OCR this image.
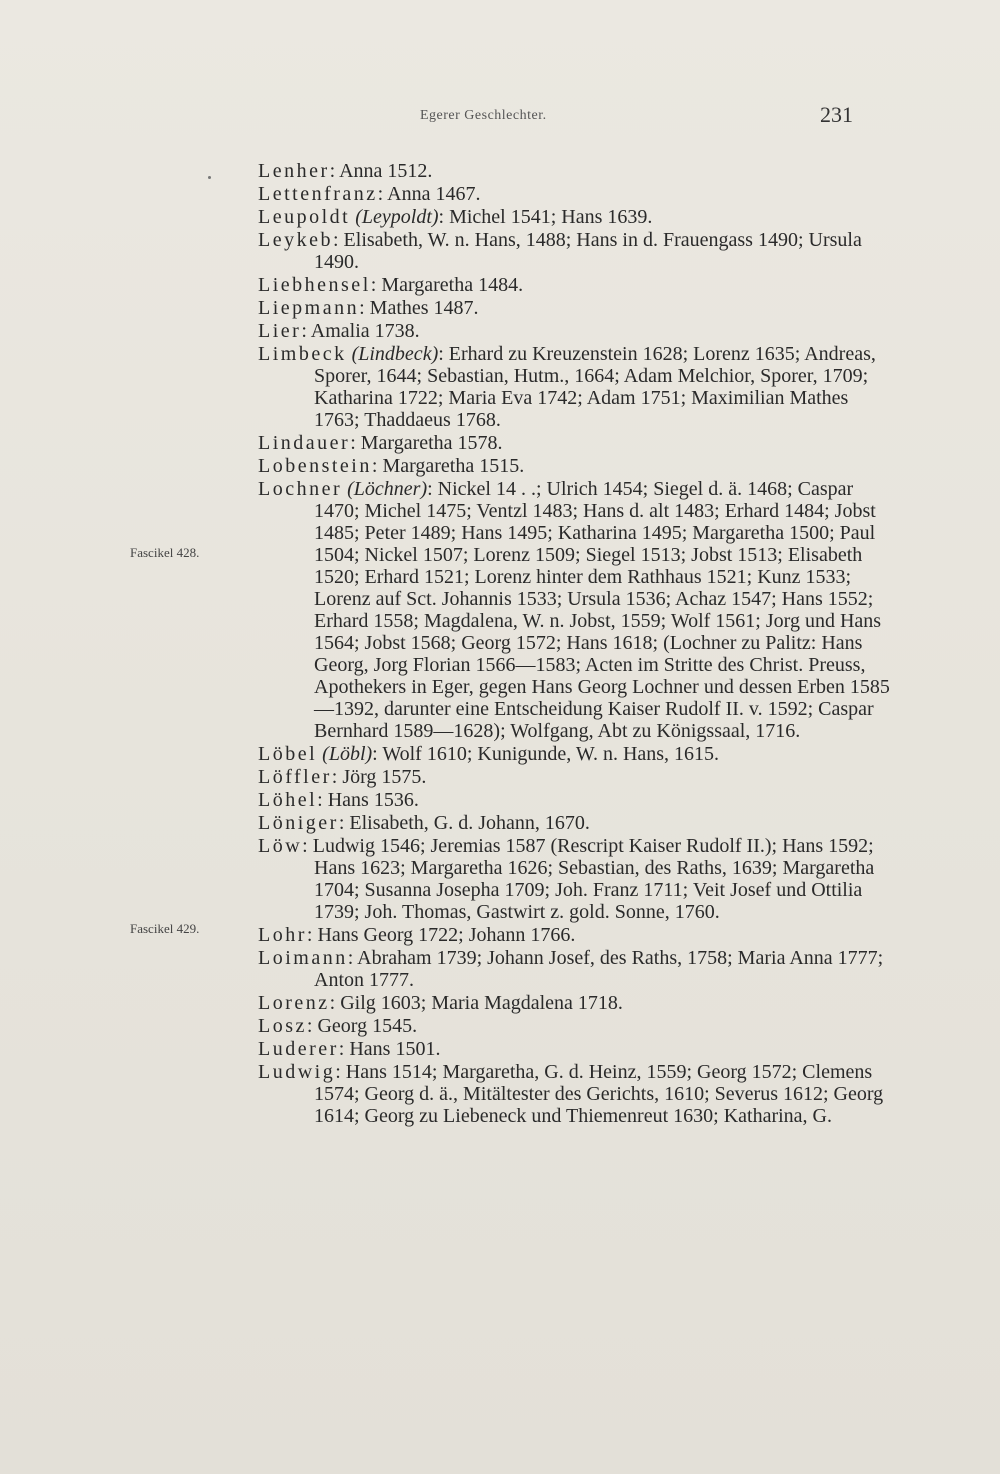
Egerer Geschlechter.	231
Fascikel 428.
Fascikel 429.
Lenher: Anna 1512.
Lettenfranz: Anna 1467.
Leupoldt (Leypoldt): Michel 1541; Hans 1639.
Leykeb: Elisabeth, W. n. Hans, 1488; Hans in d. Frauengass 1490; Ursula 1490.
Liebhensel: Margaretha 1484.
Liepmann: Mathes 1487.
Lier: Amalia 1738.
Limbeck (Lindbeck): Erhard zu Kreuzenstein 1628; Lorenz 1635; Andreas, Sporer, 1644; Sebastian, Hutm., 1664; Adam Melchior, Sporer, 1709; Katharina 1722; Maria Eva 1742; Adam 1751; Maximilian Mathes 1763; Thaddaeus 1768.
Lindauer: Margaretha 1578.
Lobenstein: Margaretha 1515.
Lochner (Löchner): Nickel 14 . .; Ulrich 1454; Siegel d. ä. 1468; Caspar 1470; Michel 1475; Ventzl 1483; Hans d. alt 1483; Erhard 1484; Jobst 1485; Peter 1489; Hans 1495; Katharina 1495; Margaretha 1500; Paul 1504; Nickel 1507; Lorenz 1509; Siegel 1513; Jobst 1513; Elisabeth 1520; Erhard 1521; Lorenz hinter dem Rathhaus 1521; Kunz 1533; Lorenz auf Sct. Johannis 1533; Ursula 1536; Achaz 1547; Hans 1552; Erhard 1558; Magdalena, W. n. Jobst, 1559; Wolf 1561; Jorg und Hans 1564; Jobst 1568; Georg 1572; Hans 1618; (Lochner zu Palitz: Hans Georg, Jorg Florian 1566—1583; Acten im Stritte des Christ. Preuss, Apothekers in Eger, gegen Hans Georg Lochner und dessen Erben 1585—1392, darunter eine Entscheidung Kaiser Rudolf II. v. 1592; Caspar Bernhard 1589—1628); Wolfgang, Abt zu Königssaal, 1716.
Löbel (Löbl): Wolf 1610; Kunigunde, W. n. Hans, 1615.
Löffler: Jörg 1575.
Löhel: Hans 1536.
Löniger: Elisabeth, G. d. Johann, 1670.
Löw: Ludwig 1546; Jeremias 1587 (Rescript Kaiser Rudolf II.); Hans 1592; Hans 1623; Margaretha 1626; Sebastian, des Raths, 1639; Margaretha 1704; Susanna Josepha 1709; Joh. Franz 1711; Veit Josef und Ottilia 1739; Joh. Thomas, Gastwirt z. gold. Sonne, 1760.
Lohr: Hans Georg 1722; Johann 1766.
Loimann: Abraham 1739; Johann Josef, des Raths, 1758; Maria Anna 1777; Anton 1777.
Lorenz: Gilg 1603; Maria Magdalena 1718.
Losz: Georg 1545.
Luderer: Hans 1501.
Ludwig: Hans 1514; Margaretha, G. d. Heinz, 1559; Georg 1572; Clemens 1574; Georg d. ä., Mitältester des Gerichts, 1610; Severus 1612; Georg 1614; Georg zu Liebeneck und Thiemenreut 1630; Katharina, G.
